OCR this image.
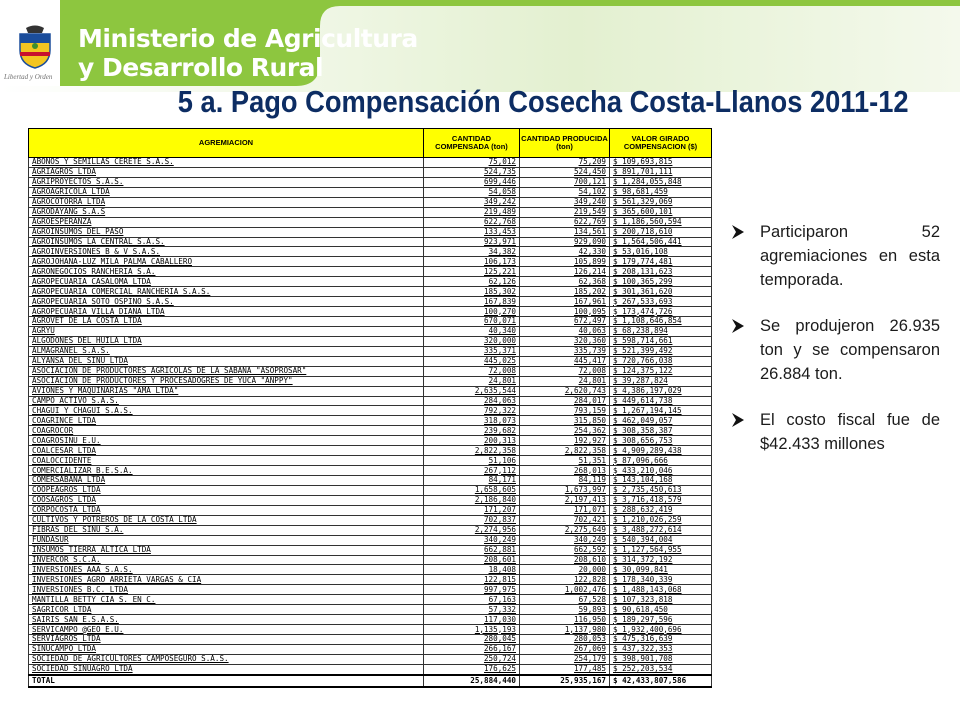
Libertad y Orden
Ministerio de Agricultura
y Desarrollo Rural
5 a. Pago Compensación Cosecha Costa-Llanos 2011-12
AGREMIACION	CANTIDAD COMPENSADA (ton)	CANTIDAD PRODUCIDA (ton)	VALOR GIRADO COMPENSACION ($)
ABONOS Y SEMILLAS CERETE S.A.S.	75,012	75,209	$ 109,693,815
AGRIAGROS LTDA	524,735	524,450	$ 891,701,111
AGRIPROYECTOS S.A.S.	699,446	700,121	$ 1,284,055,848
AGROAGRICOLA LTDA	54,058	54,102	$ 98,681,459
AGROCOTORRA LTDA	349,242	349,240	$ 561,329,069
AGRODAYANG S.A.S	219,489	219,549	$ 365,600,101
AGROESPERANZA	622,768	622,769	$ 1,186,560,594
AGROINSUMOS DEL PASO	133,453	134,561	$ 200,718,610
AGROINSUMOS LA CENTRAL S.A.S.	923,971	929,090	$ 1,564,506,441
AGROINVERSIONES B & V S.A.S.	34,382	42,330	$ 53,016,108
AGROJOHANA-LUZ MILA PALMA CABALLERO	106,173	105,899	$ 179,774,481
AGRONEGOCIOS RANCHERIA S.A.	125,221	126,214	$ 208,131,623
AGROPECUARIA CASALOMA LTDA	62,126	62,368	$ 100,365,299
AGROPECUARIA COMERCIAL RANCHERIA S.A.S.	185,302	185,202	$ 301,361,620
AGROPECUARIA SOTO OSPINO S.A.S.	167,839	167,961	$ 267,533,693
AGROPECUARIA VILLA DIANA LTDA	100,270	100,095	$ 173,474,726
AGROVET DE LA COSTA LTDA	670,071	672,497	$ 1,108,646,854
AGRYU	40,340	40,063	$ 68,238,894
ALGODONES DEL HUILA LTDA	320,000	320,360	$ 598,714,661
ALMAGRANEL S.A.S.	335,371	335,739	$ 521,399,492
ALYANSA DEL SINU LTDA	445,025	445,417	$ 720,766,038
ASOCIACION DE PRODUCTORES AGRICOLAS DE LA SABANA "ASOPROSAR"	72,008	72,008	$ 124,375,122
ASOCIACION DE PRODUCTORES Y PROCESADOGRES DE YUCA "ANPPY"	24,801	24,801	$ 39,287,824
AVIONES Y MAQUINARIAS "AMA LTDA"	2,635,544	2,620,743	$ 4,386,197,029
CAMPO ACTIVO S.A.S.	284,063	284,017	$ 449,614,738
CHAGUI Y CHAGUI S.A.S.	792,322	793,159	$ 1,267,194,145
COAGRINCE LTDA	318,073	315,850	$ 462,049,057
COAGROCOR	239,682	254,362	$ 308,358,387
COAGROSINU E.U.	200,313	192,927	$ 308,656,753
COALCESAR LTDA	2,822,358	2,822,358	$ 4,909,289,438
COALOCCIDENTE	51,106	51,351	$ 87,096,666
COMERCIALIZAR B.E.S.A.	267,112	268,013	$ 433,210,046
COMERSABANA LTDA	84,171	84,119	$ 143,104,168
COOPEAGROS LTDA	1,658,605	1,673,997	$ 2,735,450,613
COOSAGROS LTDA	2,186,840	2,197,413	$ 3,716,418,579
CORPOCOSTA LTDA	171,207	171,071	$ 288,632,419
CULTIVOS Y POTREROS DE LA COSTA LTDA	702,837	702,421	$ 1,210,026,259
FIBRAS DEL SINU S.A.	2,274,956	2,275,649	$ 3,488,272,614
FUNDASUR	340,249	340,249	$ 540,394,004
INSUMOS TIERRA ALTICA LTDA	662,881	662,592	$ 1,127,564,955
INVERCOR S.C.A.	208,601	208,610	$ 314,372,192
INVERSIONES AAA S.A.S.	18,408	20,000	$ 30,099,841
INVERSIONES AGRO ARRIETA VARGAS & CIA	122,815	122,828	$ 178,340,339
INVERSIONES B.C. LTDA	997,975	1,002,476	$ 1,488,143,068
MANTILLA BETTY CIA S. EN C.	67,163	67,528	$ 107,323,818
SAGRICOR LTDA	57,332	59,893	$ 90,618,450
SAIRIS SAN E.S.A.S.	117,030	116,950	$ 189,297,596
SERVICAMPO @GEO E.U.	1,135,193	1,137,980	$ 1,932,400,696
SERVIAGROS LTDA	280,045	280,053	$ 475,316,639
SINUCAMPO LTDA	266,167	267,069	$ 437,322,353
SOCIEDAD DE AGRICULTORES CAMPOSEGURO S.A.S.	250,724	254,179	$ 398,901,708
SOCIEDAD SINUAGRO LTDA	176,625	177,485	$ 252,203,534
TOTAL	25,884,440	25,935,167	$ 42,433,807,586
Participaron 52 agremiaciones en esta temporada.
Se produjeron 26.935 ton y se compensaron 26.884 ton.
El costo fiscal fue de $42.433 millones
